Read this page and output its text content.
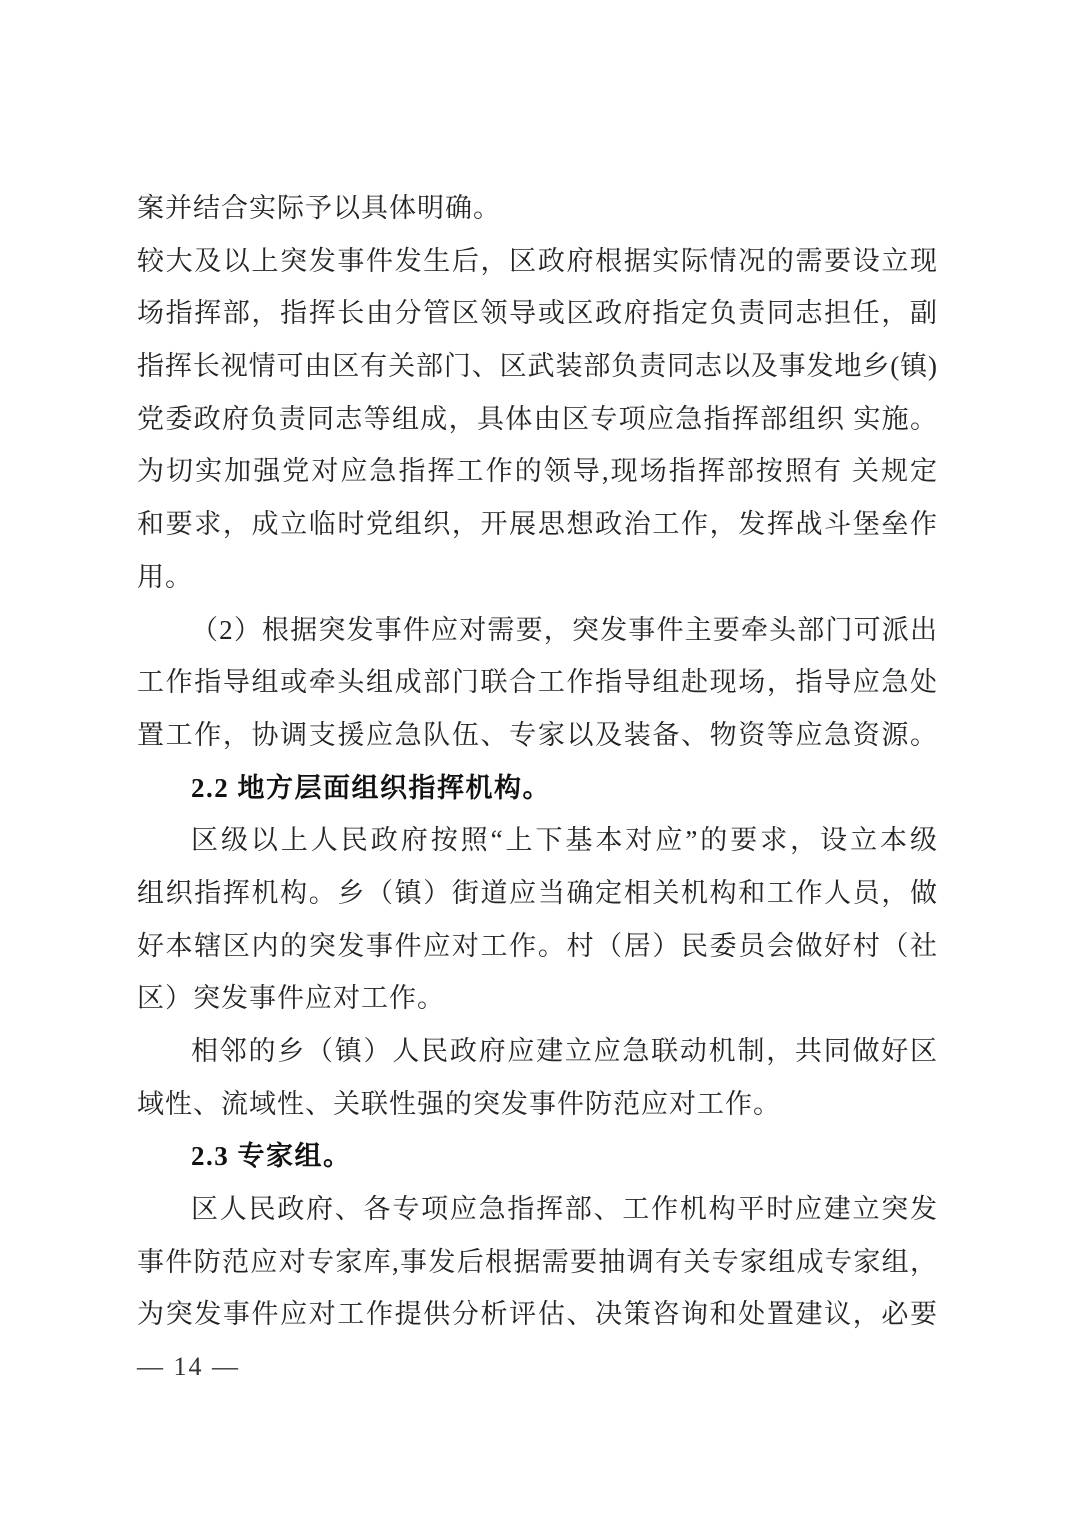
案并结合实际予以具体明确。
较大及以上突发事件发生后，区政府根据实际情况的需要设立现
场指挥部，指挥长由分管区领导或区政府指定负责同志担任，副
指挥长视情可由区有关部门、区武装部负责同志以及事发地乡(镇)
党委政府负责同志等组成，具体由区专项应急指挥部组织 实施。
为切实加强党对应急指挥工作的领导,现场指挥部按照有 关规定
和要求，成立临时党组织，开展思想政治工作，发挥战斗堡垒作
用。
（2）根据突发事件应对需要，突发事件主要牵头部门可派出
工作指导组或牵头组成部门联合工作指导组赴现场，指导应急处
置工作，协调支援应急队伍、专家以及装备、物资等应急资源。
2.2 地方层面组织指挥机构。
区级以上人民政府按照“上下基本对应”的要求，设立本级
组织指挥机构。乡（镇）街道应当确定相关机构和工作人员，做
好本辖区内的突发事件应对工作。村（居）民委员会做好村（社
区）突发事件应对工作。
相邻的乡（镇）人民政府应建立应急联动机制，共同做好区
域性、流域性、关联性强的突发事件防范应对工作。
2.3 专家组。
区人民政府、各专项应急指挥部、工作机构平时应建立突发
事件防范应对专家库,事发后根据需要抽调有关专家组成专家组，
为突发事件应对工作提供分析评估、决策咨询和处置建议，必要
— 14 —
